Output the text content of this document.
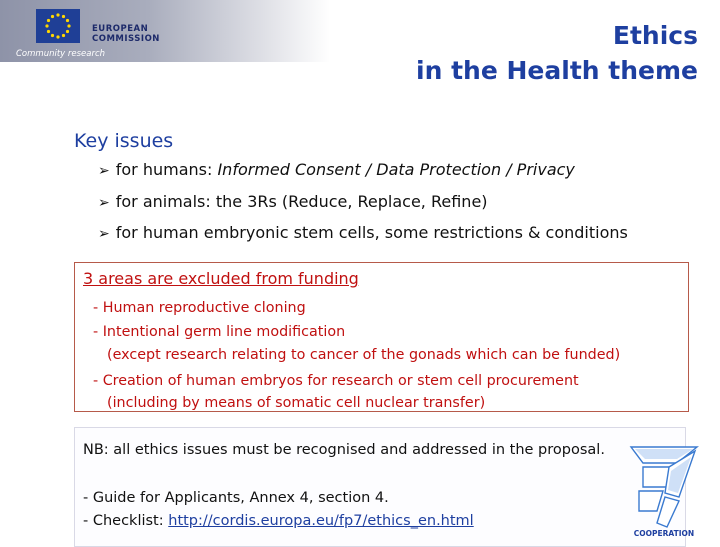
EUROPEAN
COMMISSION
Community research
Ethics
in the Health theme
Key issues
➢ for humans: Informed Consent / Data Protection / Privacy
➢ for animals: the 3Rs (Reduce, Replace, Refine)
➢ for human embryonic stem cells, some restrictions & conditions
3 areas are excluded from funding
- Human reproductive cloning
- Intentional germ line modification
(except research relating to cancer of the gonads which can be funded)
- Creation of human embryos for research or stem cell procurement
(including by means of somatic cell nuclear transfer)
NB: all ethics issues must be recognised and addressed in the proposal.
- Guide for Applicants, Annex 4, section 4.
- Checklist: http://cordis.europa.eu/fp7/ethics_en.html
COOPERATION
